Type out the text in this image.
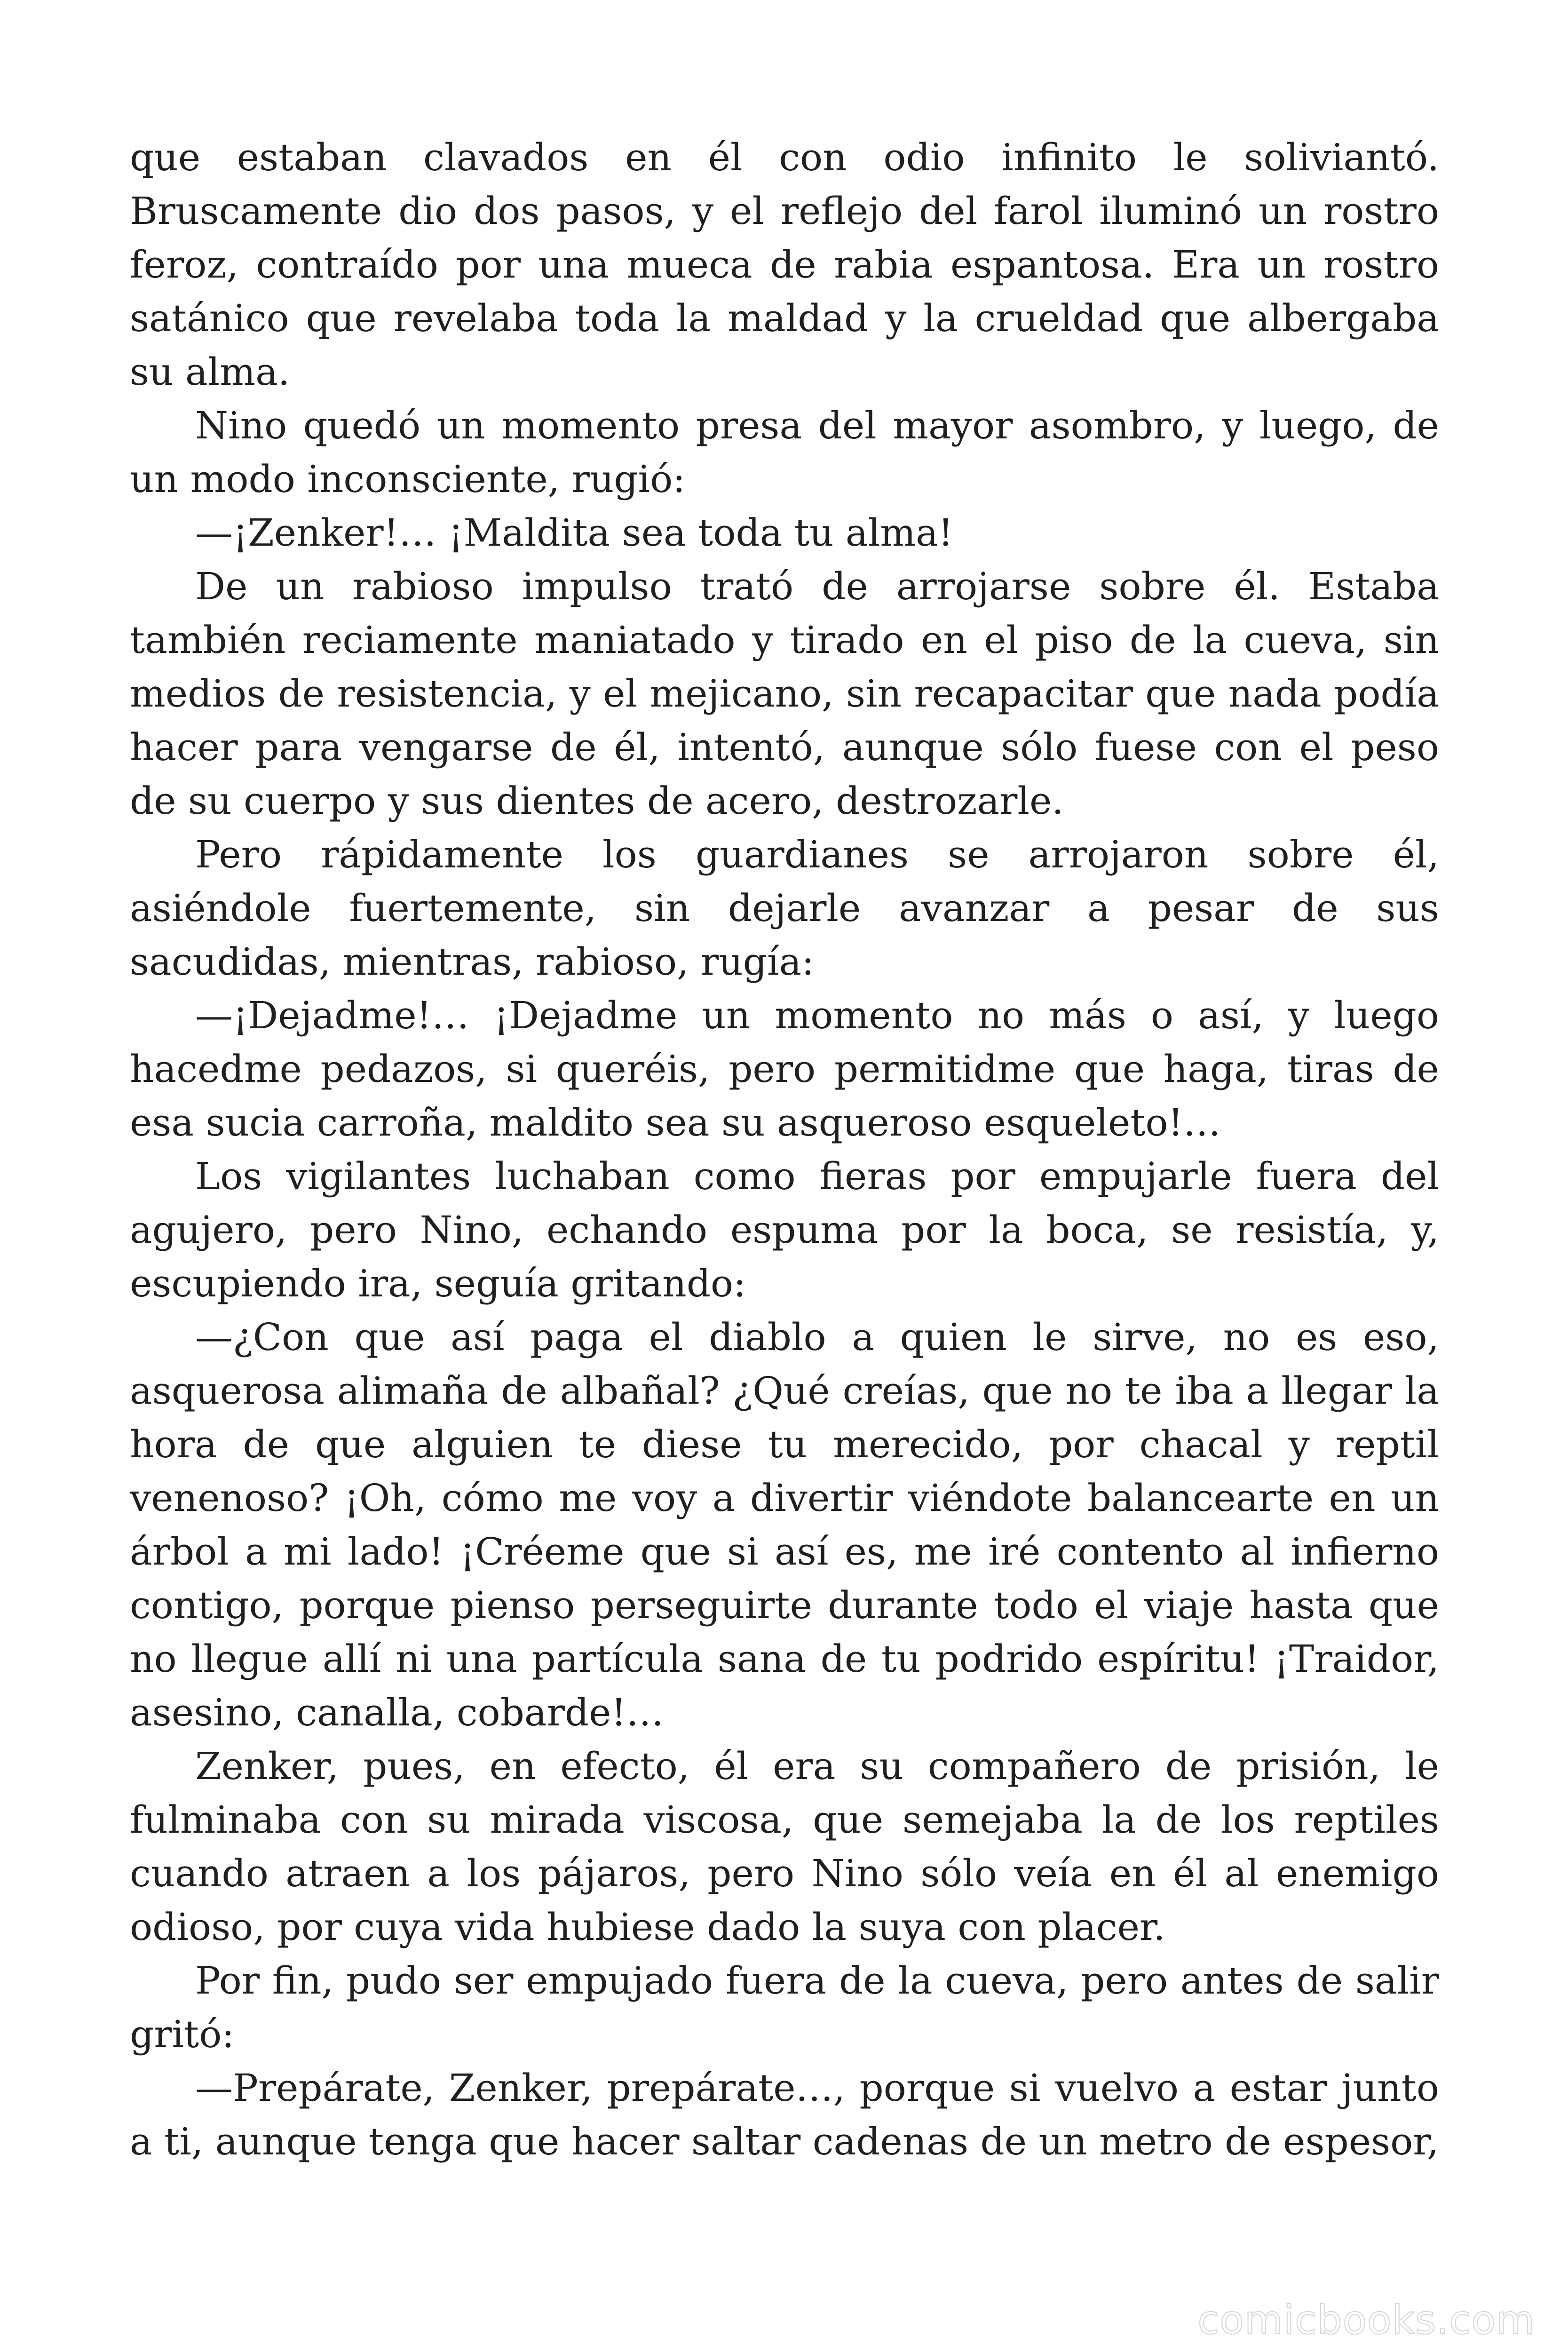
que estaban clavados en él con odio infinito le soliviantó. Bruscamente dio dos pasos, y el reflejo del farol iluminó un rostro feroz, contraído por una mueca de rabia espantosa. Era un rostro satánico que revelaba toda la maldad y la crueldad que albergaba su alma.

Nino quedó un momento presa del mayor asombro, y luego, de un modo inconsciente, rugió:

—¡Zenker!… ¡Maldita sea toda tu alma!

De un rabioso impulso trató de arrojarse sobre él. Estaba también reciamente maniatado y tirado en el piso de la cueva, sin medios de resistencia, y el mejicano, sin recapacitar que nada podía hacer para vengarse de él, intentó, aunque sólo fuese con el peso de su cuerpo y sus dientes de acero, destrozarle.

Pero rápidamente los guardianes se arrojaron sobre él, asiéndole fuertemente, sin dejarle avanzar a pesar de sus sacudidas, mientras, rabioso, rugía:

—¡Dejadme!… ¡Dejadme un momento no más o así, y luego hacedme pedazos, si queréis, pero permitidme que haga, tiras de esa sucia carroña, maldito sea su asqueroso esqueleto!…

Los vigilantes luchaban como fieras por empujarle fuera del agujero, pero Nino, echando espuma por la boca, se resistía, y, escupiendo ira, seguía gritando:

—¿Con que así paga el diablo a quien le sirve, no es eso, asquerosa alimaña de albañal? ¿Qué creías, que no te iba a llegar la hora de que alguien te diese tu merecido, por chacal y reptil venenoso? ¡Oh, cómo me voy a divertir viéndote balancearte en un árbol a mi lado! ¡Créeme que si así es, me iré contento al infierno contigo, porque pienso perseguirte durante todo el viaje hasta que no llegue allí ni una partícula sana de tu podrido espíritu! ¡Traidor, asesino, canalla, cobarde!…

Zenker, pues, en efecto, él era su compañero de prisión, le fulminaba con su mirada viscosa, que semejaba la de los reptiles cuando atraen a los pájaros, pero Nino sólo veía en él al enemigo odioso, por cuya vida hubiese dado la suya con placer.

Por fin, pudo ser empujado fuera de la cueva, pero antes de salir gritó:

—Prepárate, Zenker, prepárate…, porque si vuelvo a estar junto a ti, aunque tenga que hacer saltar cadenas de un metro de espesor,

comicbooks.com
